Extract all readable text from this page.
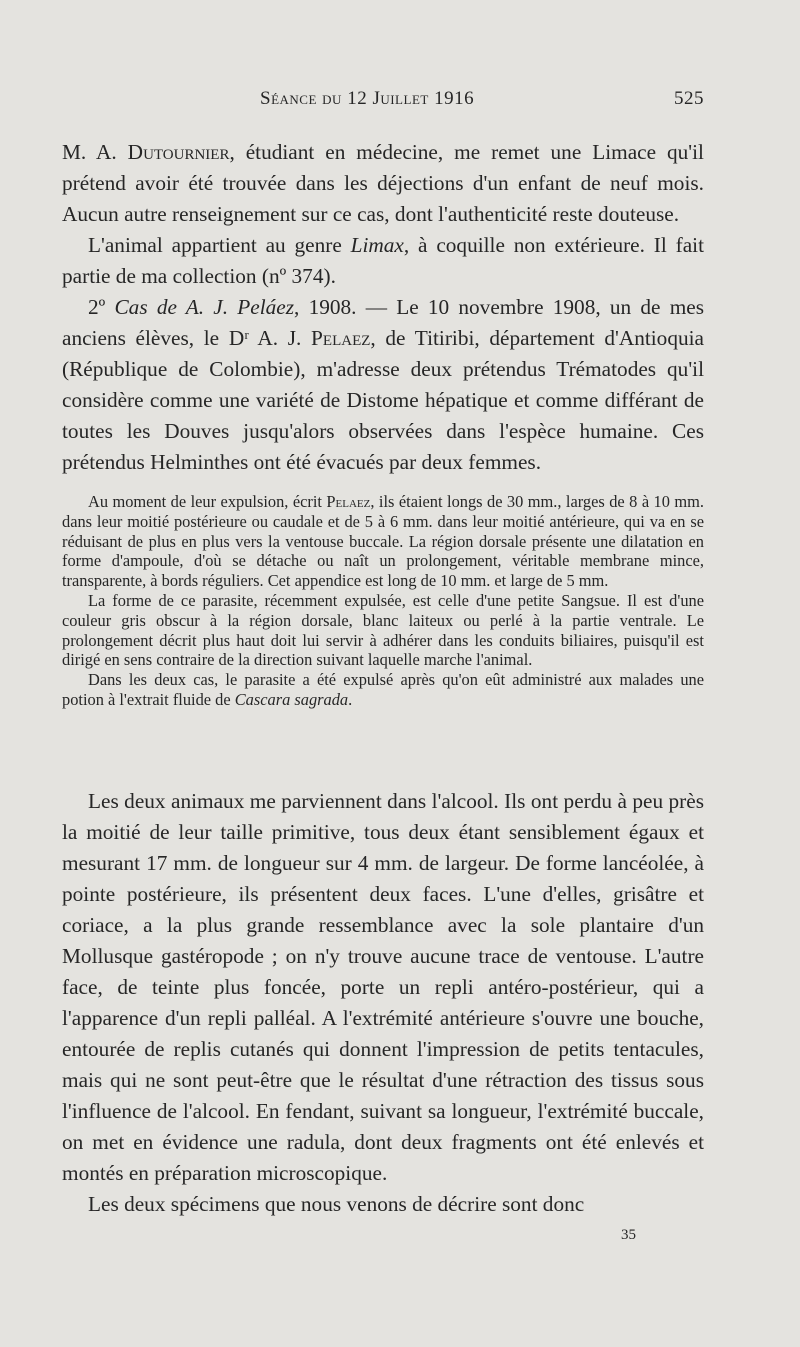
Séance du 12 Juillet 1916	525

M. A. Dutournier, étudiant en médecine, me remet une Limace qu'il prétend avoir été trouvée dans les déjections d'un enfant de neuf mois. Aucun autre renseignement sur ce cas, dont l'authenticité reste douteuse.

L'animal appartient au genre Limax, à coquille non extérieure. Il fait partie de ma collection (nº 374).

2º Cas de A. J. Peláez, 1908. — Le 10 novembre 1908, un de mes anciens élèves, le Dʳ A. J. Pelaez, de Titiribi, département d'Antioquia (République de Colombie), m'adresse deux prétendus Trématodes qu'il considère comme une variété de Distome hépatique et comme différant de toutes les Douves jusqu'alors observées dans l'espèce humaine. Ces prétendus Helminthes ont été évacués par deux femmes.

Au moment de leur expulsion, écrit Pelaez, ils étaient longs de 30 mm., larges de 8 à 10 mm. dans leur moitié postérieure ou caudale et de 5 à 6 mm. dans leur moitié antérieure, qui va en se réduisant de plus en plus vers la ventouse buccale. La région dorsale présente une dilatation en forme d'ampoule, d'où se détache ou naît un prolongement, véritable membrane mince, transparente, à bords réguliers. Cet appendice est long de 10 mm. et large de 5 mm.

La forme de ce parasite, récemment expulsée, est celle d'une petite Sangsue. Il est d'une couleur gris obscur à la région dorsale, blanc laiteux ou perlé à la partie ventrale. Le prolongement décrit plus haut doit lui servir à adhérer dans les conduits biliaires, puisqu'il est dirigé en sens contraire de la direction suivant laquelle marche l'animal.

Dans les deux cas, le parasite a été expulsé après qu'on eût administré aux malades une potion à l'extrait fluide de Cascara sagrada.

Les deux animaux me parviennent dans l'alcool. Ils ont perdu à peu près la moitié de leur taille primitive, tous deux étant sensiblement égaux et mesurant 17 mm. de longueur sur 4 mm. de largeur. De forme lancéolée, à pointe postérieure, ils présentent deux faces. L'une d'elles, grisâtre et coriace, a la plus grande ressemblance avec la sole plantaire d'un Mollusque gastéropode ; on n'y trouve aucune trace de ventouse. L'autre face, de teinte plus foncée, porte un repli antéro-postérieur, qui a l'apparence d'un repli palléal. A l'extrémité antérieure s'ouvre une bouche, entourée de replis cutanés qui donnent l'impression de petits tentacules, mais qui ne sont peut-être que le résultat d'une rétraction des tissus sous l'influence de l'alcool. En fendant, suivant sa longueur, l'extrémité buccale, on met en évidence une radula, dont deux fragments ont été enlevés et montés en préparation microscopique.

Les deux spécimens que nous venons de décrire sont donc

35
